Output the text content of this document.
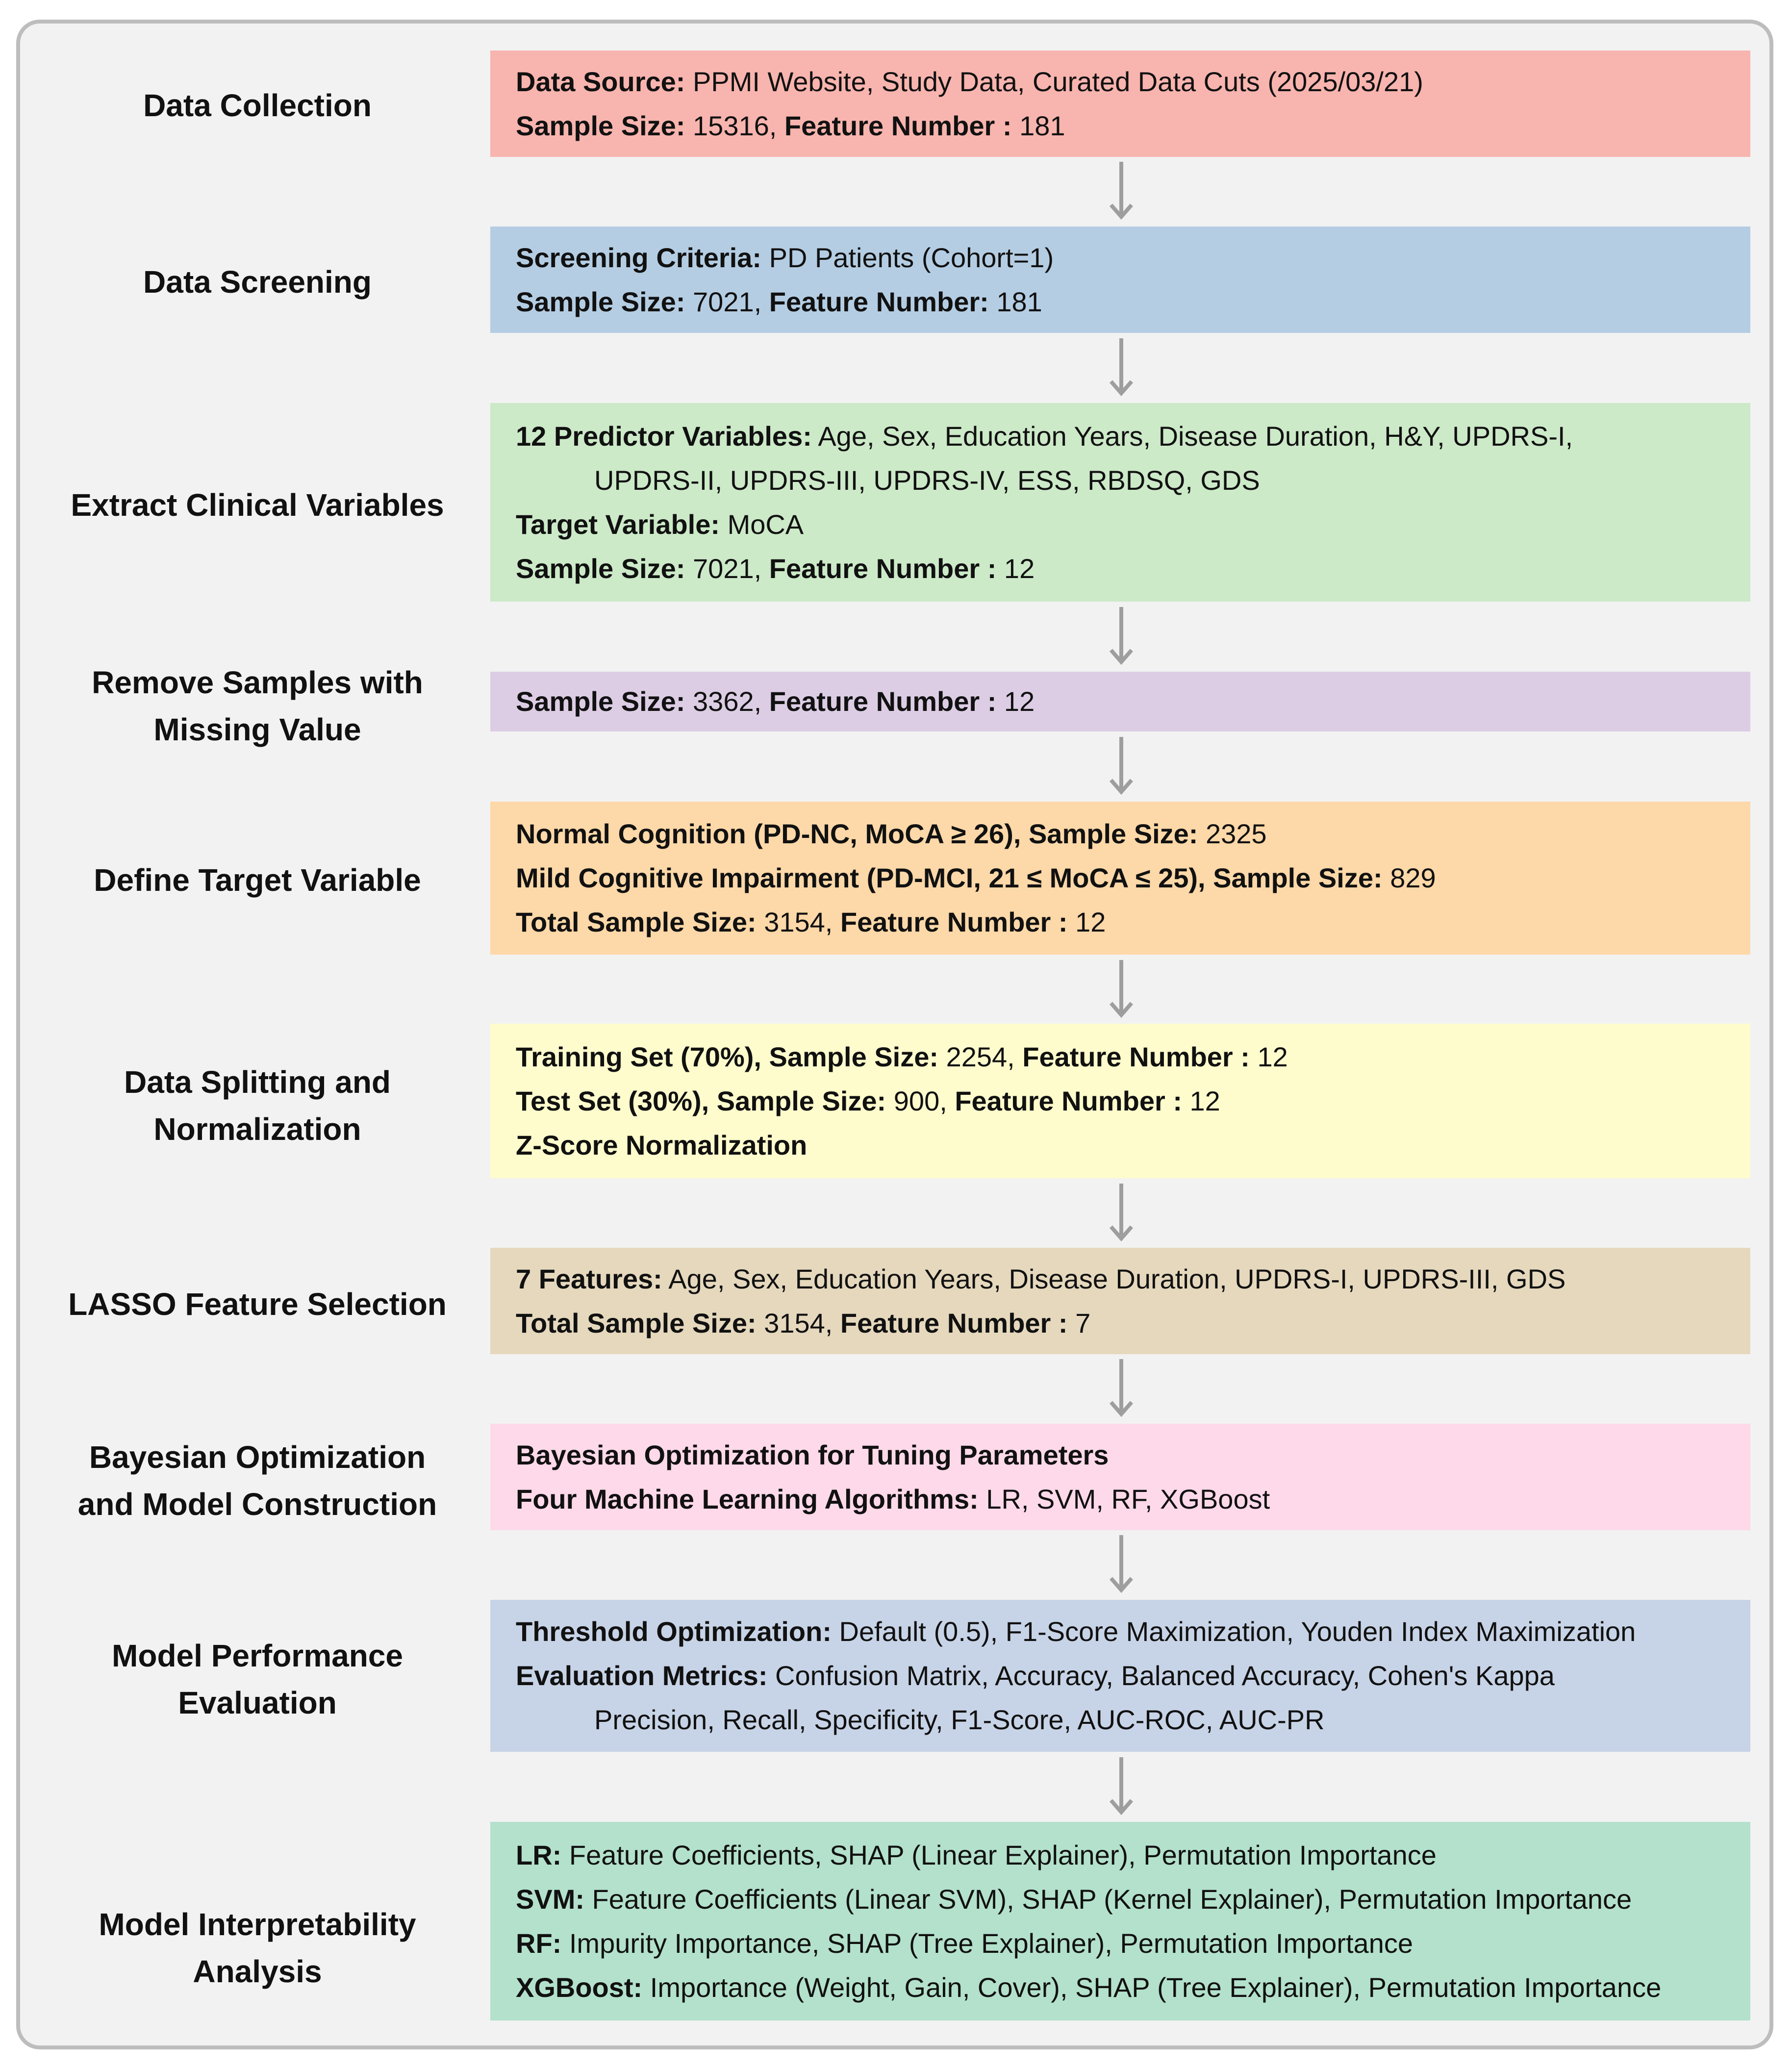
Data Collection
Data Source: PPMI Website, Study Data, Curated Data Cuts (2025/03/21)
Sample Size: 15316, Feature Number : 181
Data Screening
Screening Criteria: PD Patients (Cohort=1)
Sample Size: 7021, Feature Number: 181
Extract Clinical Variables
12 Predictor Variables: Age, Sex, Education Years, Disease Duration, H&Y, UPDRS-I,
UPDRS-II, UPDRS-III, UPDRS-IV, ESS, RBDSQ, GDS
Target Variable: MoCA
Sample Size: 7021, Feature Number : 12
Remove Samples with
Missing Value
Sample Size: 3362, Feature Number : 12
Define Target Variable
Normal Cognition (PD-NC, MoCA ≥ 26), Sample Size: 2325
Mild Cognitive Impairment (PD-MCI, 21 ≤ MoCA ≤ 25), Sample Size: 829
Total Sample Size: 3154, Feature Number : 12
Data Splitting and
Normalization
Training Set (70%), Sample Size: 2254, Feature Number : 12
Test Set (30%), Sample Size: 900, Feature Number : 12
Z-Score Normalization
LASSO Feature Selection
7 Features: Age, Sex, Education Years, Disease Duration, UPDRS-I, UPDRS-III, GDS
Total Sample Size: 3154, Feature Number : 7
Bayesian Optimization
and Model Construction
Bayesian Optimization for Tuning Parameters
Four Machine Learning Algorithms: LR, SVM, RF, XGBoost
Model Performance
Evaluation
Threshold Optimization: Default (0.5), F1-Score Maximization, Youden Index Maximization
Evaluation Metrics: Confusion Matrix, Accuracy, Balanced Accuracy, Cohen's Kappa
Precision, Recall, Specificity, F1-Score, AUC-ROC, AUC-PR
Model Interpretability
Analysis
LR: Feature Coefficients, SHAP (Linear Explainer), Permutation Importance
SVM: Feature Coefficients (Linear SVM), SHAP (Kernel Explainer), Permutation Importance
RF: Impurity Importance, SHAP (Tree Explainer), Permutation Importance
XGBoost: Importance (Weight, Gain, Cover), SHAP (Tree Explainer), Permutation Importance
